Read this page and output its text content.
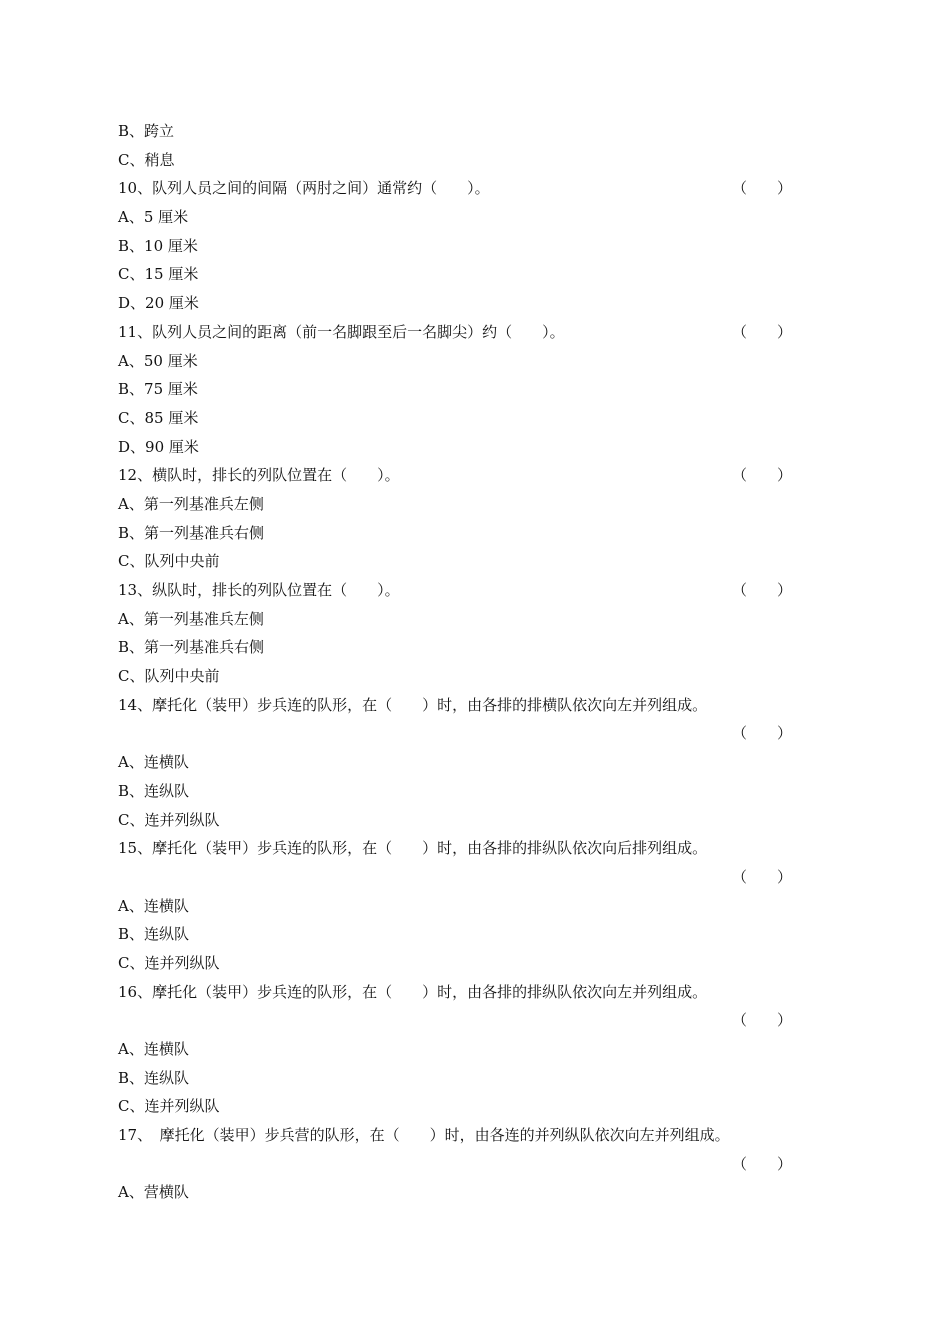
B、跨立
C、稍息
10、队列人员之间的间隔（两肘之间）通常约（　　）。	（　　）
A、5 厘米
B、10 厘米
C、15 厘米
D、20 厘米
11、队列人员之间的距离（前一名脚跟至后一名脚尖）约（　　）。	（　　）
A、50 厘米
B、75 厘米
C、85 厘米
D、90 厘米
12、横队时，排长的列队位置在（　　）。	（　　）
A、第一列基准兵左侧
B、第一列基准兵右侧
C、队列中央前
13、纵队时，排长的列队位置在（　　）。	（　　）
A、第一列基准兵左侧
B、第一列基准兵右侧
C、队列中央前
14、摩托化（装甲）步兵连的队形，在（　　）时，由各排的排横队依次向左并列组成。
（　　）
A、连横队
B、连纵队
C、连并列纵队
15、摩托化（装甲）步兵连的队形，在（　　）时，由各排的排纵队依次向后排列组成。
（　　）
A、连横队
B、连纵队
C、连并列纵队
16、摩托化（装甲）步兵连的队形，在（　　）时，由各排的排纵队依次向左并列组成。
（　　）
A、连横队
B、连纵队
C、连并列纵队
17、　摩托化（装甲）步兵营的队形，在（　　）时，由各连的并列纵队依次向左并列组成。
（　　）
A、营横队
